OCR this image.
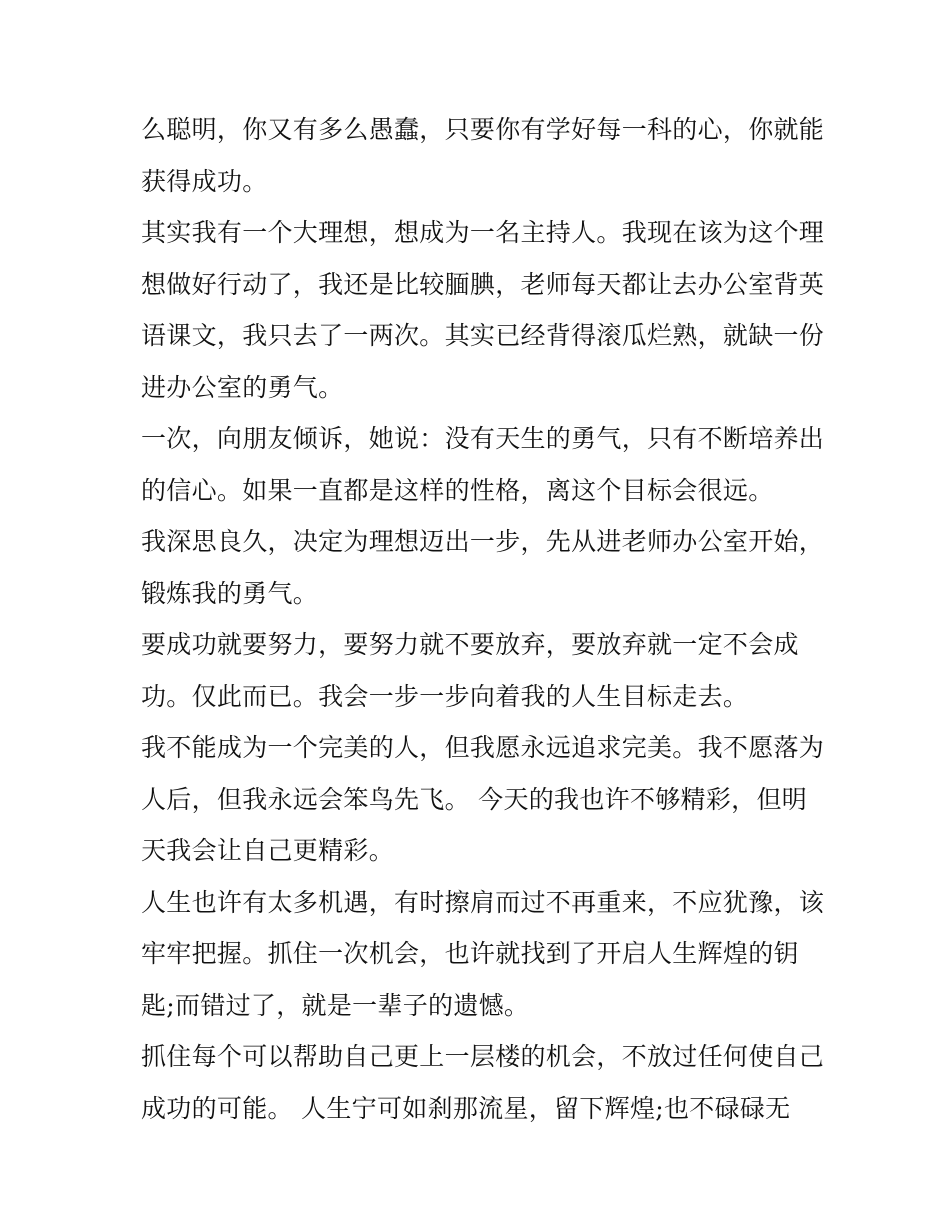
么聪明，你又有多么愚蠢，只要你有学好每一科的心，你就能
获得成功。
其实我有一个大理想，想成为一名主持人。我现在该为这个理
想做好行动了，我还是比较腼腆，老师每天都让去办公室背英
语课文，我只去了一两次。其实已经背得滚瓜烂熟，就缺一份
进办公室的勇气。
一次，向朋友倾诉，她说：没有天生的勇气，只有不断培养出
的信心。如果一直都是这样的性格，离这个目标会很远。
我深思良久，决定为理想迈出一步，先从进老师办公室开始，
锻炼我的勇气。
要成功就要努力，要努力就不要放弃，要放弃就一定不会成
功。仅此而已。我会一步一步向着我的人生目标走去。
我不能成为一个完美的人，但我愿永远追求完美。我不愿落为
人后，但我永远会笨鸟先飞。 今天的我也许不够精彩，但明
天我会让自己更精彩。
人生也许有太多机遇，有时擦肩而过不再重来，不应犹豫，该
牢牢把握。抓住一次机会，也许就找到了开启人生辉煌的钥
匙;而错过了，就是一辈子的遗憾。
抓住每个可以帮助自己更上一层楼的机会，不放过任何使自己
成功的可能。 人生宁可如刹那流星，留下辉煌;也不碌碌无
